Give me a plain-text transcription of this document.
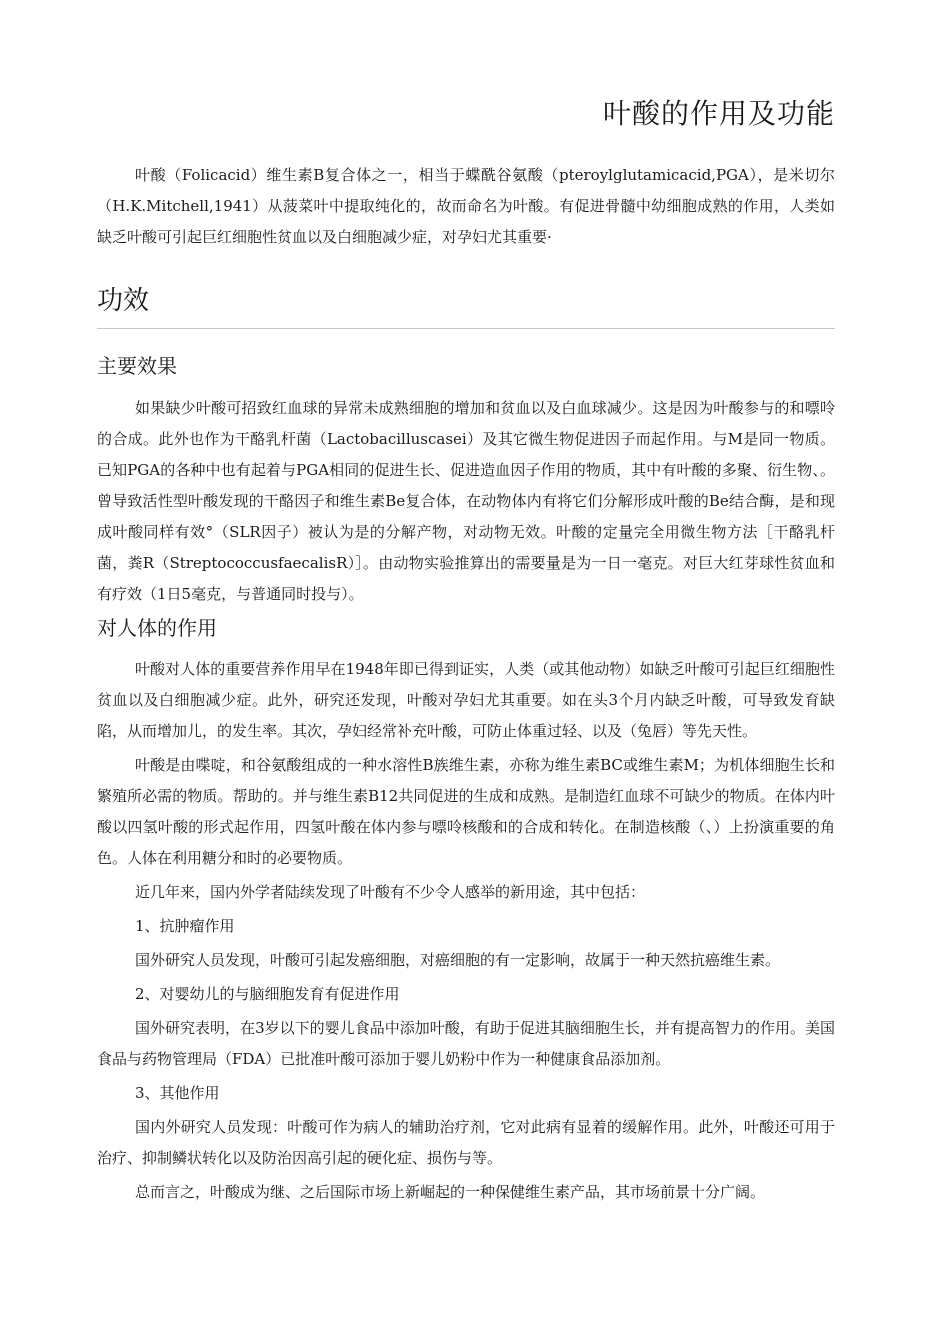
叶酸的作用及功能

叶酸（Folicacid）维生素B复合体之一，相当于蝶酰谷氨酸（pteroylglutamicacid,PGA），是米切尔（H.K.Mitchell,1941）从菠菜叶中提取纯化的，故而命名为叶酸。有促进骨髓中幼细胞成熟的作用，人类如缺乏叶酸可引起巨红细胞性贫血以及白细胞减少症，对孕妇尤其重要·

功效
主要效果

如果缺少叶酸可招致红血球的异常未成熟细胞的增加和贫血以及白血球减少。这是因为叶酸参与的和嘌呤的合成。此外也作为干酪乳杆菌（Lactobacilluscasei）及其它微生物促进因子而起作用。与M是同一物质。已知PGA的各种中也有起着与PGA相同的促进生长、促进造血因子作用的物质，其中有叶酸的多聚、衍生物、。曾导致活性型叶酸发现的干酪因子和维生素Be复合体，在动物体内有将它们分解形成叶酸的Be结合酶，是和现成叶酸同样有效°（SLR因子）被认为是的分解产物，对动物无效。叶酸的定量完全用微生物方法［干酪乳杆菌，粪R（StreptococcusfaecalisR）］。由动物实验推算出的需要量是为一日一毫克。对巨大红芽球性贫血和有疗效（1日5毫克，与普通同时投与）。

对人体的作用

叶酸对人体的重要营养作用早在1948年即已得到证实，人类（或其他动物）如缺乏叶酸可引起巨红细胞性贫血以及白细胞减少症。此外，研究还发现，叶酸对孕妇尤其重要。如在头3个月内缺乏叶酸，可导致发育缺陷，从而增加儿，的发生率。其次，孕妇经常补充叶酸，可防止体重过轻、以及（兔唇）等先天性。

叶酸是由喋啶，和谷氨酸组成的一种水溶性B族维生素，亦称为维生素BC或维生素M；为机体细胞生长和繁殖所必需的物质。帮助的。并与维生素B12共同促进的生成和成熟。是制造红血球不可缺少的物质。在体内叶酸以四氢叶酸的形式起作用，四氢叶酸在体内参与嘌呤核酸和的合成和转化。在制造核酸（、）上扮演重要的角色。人体在利用糖分和时的必要物质。

近几年来，国内外学者陆续发现了叶酸有不少令人感举的新用途，其中包括：

1、抗肿瘤作用

国外研究人员发现，叶酸可引起发癌细胞，对癌细胞的有一定影响，故属于一种天然抗癌维生素。

2、对婴幼儿的与脑细胞发育有促进作用

国外研究表明，在3岁以下的婴儿食品中添加叶酸，有助于促进其脑细胞生长，并有提高智力的作用。美国食品与药物管理局（FDA）已批准叶酸可添加于婴儿奶粉中作为一种健康食品添加剂。

3、其他作用

国内外研究人员发现：叶酸可作为病人的辅助治疗剂，它对此病有显着的缓解作用。此外，叶酸还可用于治疗、抑制鳞状转化以及防治因高引起的硬化症、损伤与等。

总而言之，叶酸成为继、之后国际市场上新崛起的一种保健维生素产品，其市场前景十分广阔。
